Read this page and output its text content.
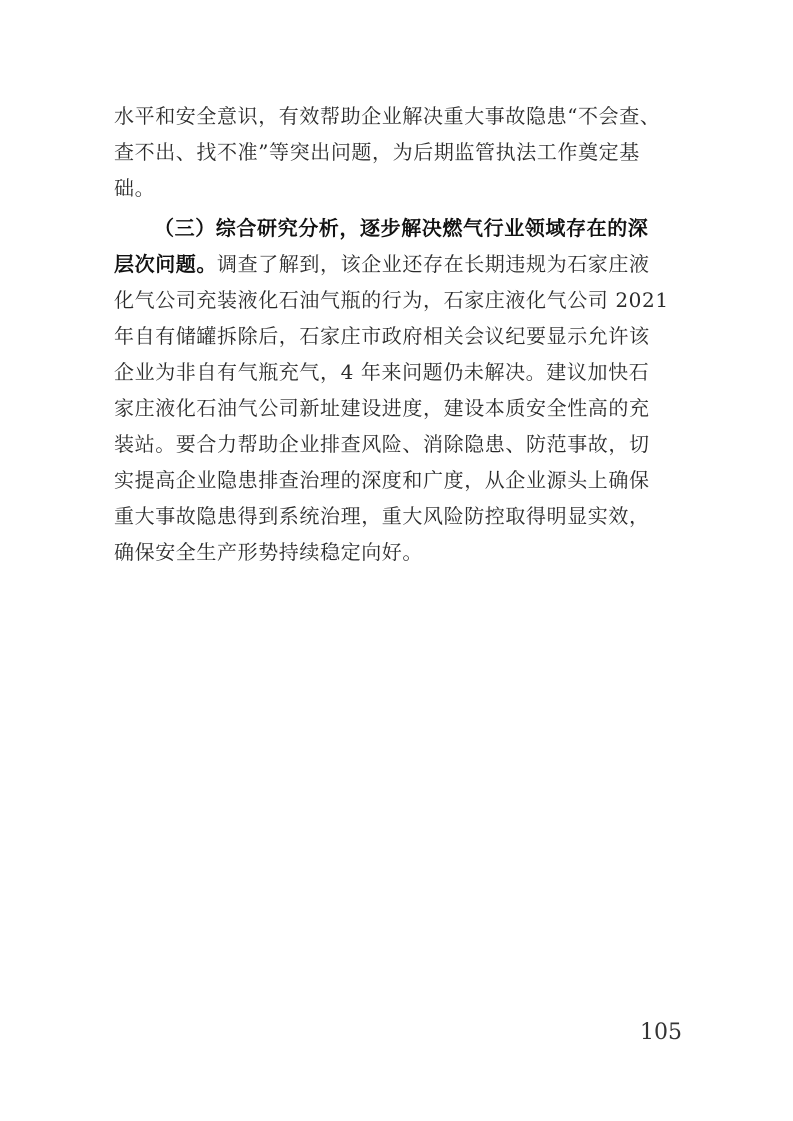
水平和安全意识，有效帮助企业解决重大事故隐患“不会查、
查不出、找不准”等突出问题，为后期监管执法工作奠定基
础。
（三）综合研究分析，逐步解决燃气行业领域存在的深
层次问题。调查了解到，该企业还存在长期违规为石家庄液
化气公司充装液化石油气瓶的行为，石家庄液化气公司 2021
年自有储罐拆除后，石家庄市政府相关会议纪要显示允许该
企业为非自有气瓶充气，4 年来问题仍未解决。建议加快石
家庄液化石油气公司新址建设进度，建设本质安全性高的充
装站。要合力帮助企业排查风险、消除隐患、防范事故，切
实提高企业隐患排查治理的深度和广度，从企业源头上确保
重大事故隐患得到系统治理，重大风险防控取得明显实效，
确保安全生产形势持续稳定向好。
105
